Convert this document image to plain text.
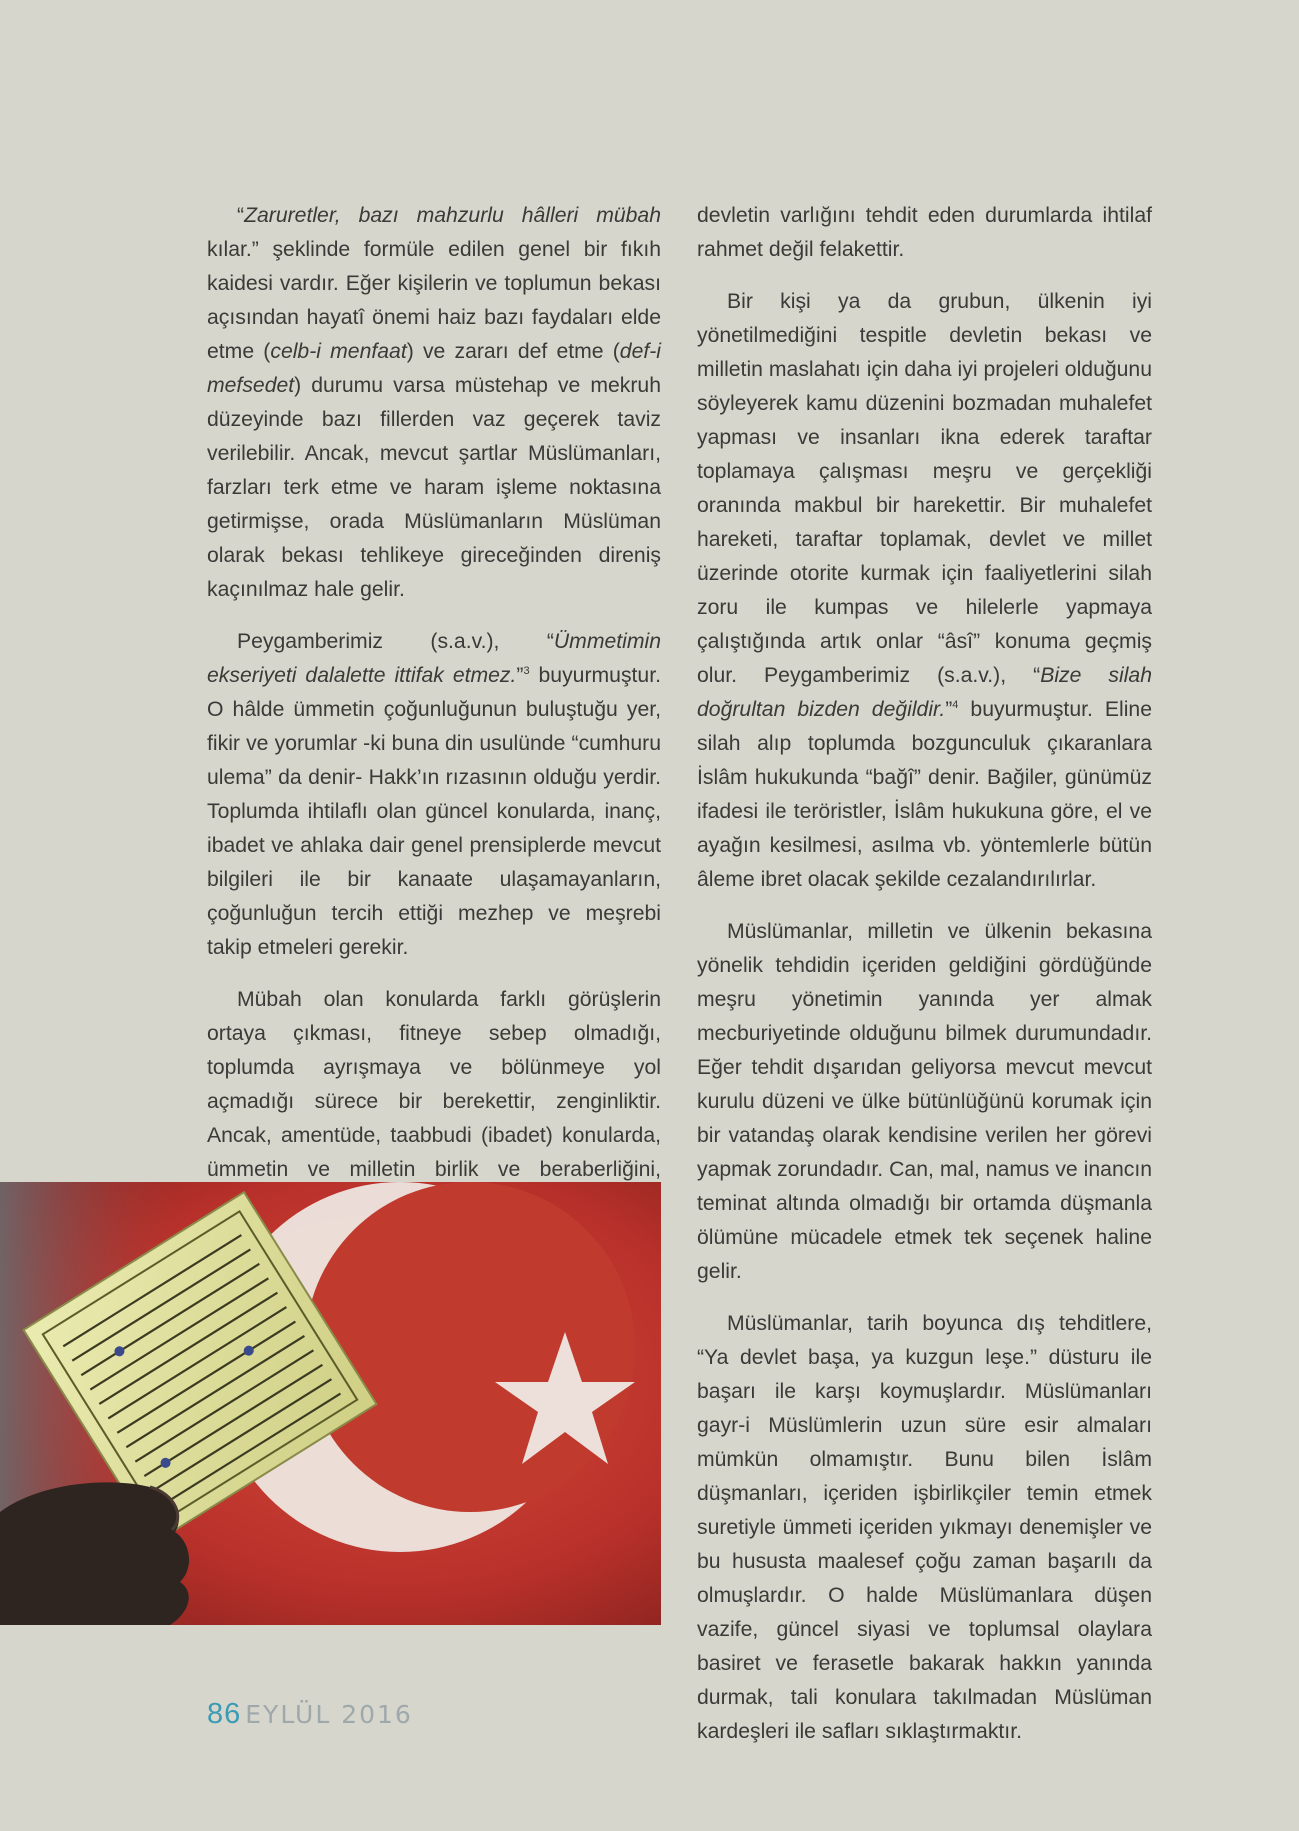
“Zaruretler, bazı mahzurlu hâlleri mübah kılar.” şeklinde formüle edilen genel bir fıkıh kaidesi vardır. Eğer kişilerin ve toplumun bekası açısından hayatî önemi haiz bazı faydaları elde etme (celb-i menfaat) ve zararı def etme (def-i mefsedet) durumu varsa müstehap ve mekruh düzeyinde bazı fillerden vaz geçerek taviz verilebilir. Ancak, mevcut şartlar Müslümanları, farzları terk etme ve haram işleme noktasına getirmişse, orada Müslümanların Müslüman olarak bekası tehlikeye gireceğinden direniş kaçınılmaz hale gelir.

Peygamberimiz (s.a.v.), “Ümmetimin ekseriyeti dalalette ittifak etmez.”$^3$ buyurmuştur. O hâlde ümmetin çoğunluğunun buluştuğu yer, fikir ve yorumlar -ki buna din usulünde “cumhuru ulema” da denir- Hakk’ın rızasının olduğu yerdir. Toplumda ihtilaflı olan güncel konularda, inanç, ibadet ve ahlaka dair genel prensiplerde mevcut bilgileri ile bir kanaate ulaşamayanların, çoğunluğun tercih ettiği mezhep ve meşrebi takip etmeleri gerekir.

Mübah olan konularda farklı görüşlerin ortaya çıkması, fitneye sebep olmadığı, toplumda ayrışmaya ve bölünmeye yol açmadığı sürece bir berekettir, zenginliktir. Ancak, amentüde, taabbudi (ibadet) konularda, ümmetin ve milletin birlik ve beraberliğini,

devletin varlığını tehdit eden durumlarda ihtilaf rahmet değil felakettir.

Bir kişi ya da grubun, ülkenin iyi yönetilmediğini tespitle devletin bekası ve milletin maslahatı için daha iyi projeleri olduğunu söyleyerek kamu düzenini bozmadan muhalefet yapması ve insanları ikna ederek taraftar toplamaya çalışması meşru ve gerçekliği oranında makbul bir harekettir. Bir muhalefet hareketi, taraftar toplamak, devlet ve millet üzerinde otorite kurmak için faaliyetlerini silah zoru ile kumpas ve hilelerle yapmaya çalıştığında artık onlar “âsî” konuma geçmiş olur. Peygamberimiz (s.a.v.), “Bize silah doğrultan bizden değildir.”$^4$ buyurmuştur. Eline silah alıp toplumda bozgunculuk çıkaranlara İslâm hukukunda “bağî” denir. Bağiler, günümüz ifadesi ile teröristler, İslâm hukukuna göre, el ve ayağın kesilmesi, asılma vb. yöntemlerle bütün âleme ibret olacak şekilde cezalandırılırlar.

Müslümanlar, milletin ve ülkenin bekasına yönelik tehdidin içeriden geldiğini gördüğünde meşru yönetimin yanında yer almak mecburiyetinde olduğunu bilmek durumundadır. Eğer tehdit dışarıdan geliyorsa mevcut mevcut kurulu düzeni ve ülke bütünlüğünü korumak için bir vatandaş olarak kendisine verilen her görevi yapmak zorundadır. Can, mal, namus ve inancın teminat altında olmadığı bir ortamda düşmanla ölümüne mücadele etmek tek seçenek haline gelir.

Müslümanlar, tarih boyunca dış tehditlere, “Ya devlet başa, ya kuzgun leşe.” düsturu ile başarı ile karşı koymuşlardır. Müslümanları gayr-i Müslümlerin uzun süre esir almaları mümkün olmamıştır. Bunu bilen İslâm düşmanları, içeriden işbirlikçiler temin etmek suretiyle ümmeti içeriden yıkmayı denemişler ve bu hususta maalesef çoğu zaman başarılı da olmuşlardır. O halde Müslümanlara düşen vazife, güncel siyasi ve toplumsal olaylara basiret ve ferasetle bakarak hakkın yanında durmak, tali konulara takılmadan Müslüman kardeşleri ile safları sıklaştırmaktır.

86 EYLÜL 2016
